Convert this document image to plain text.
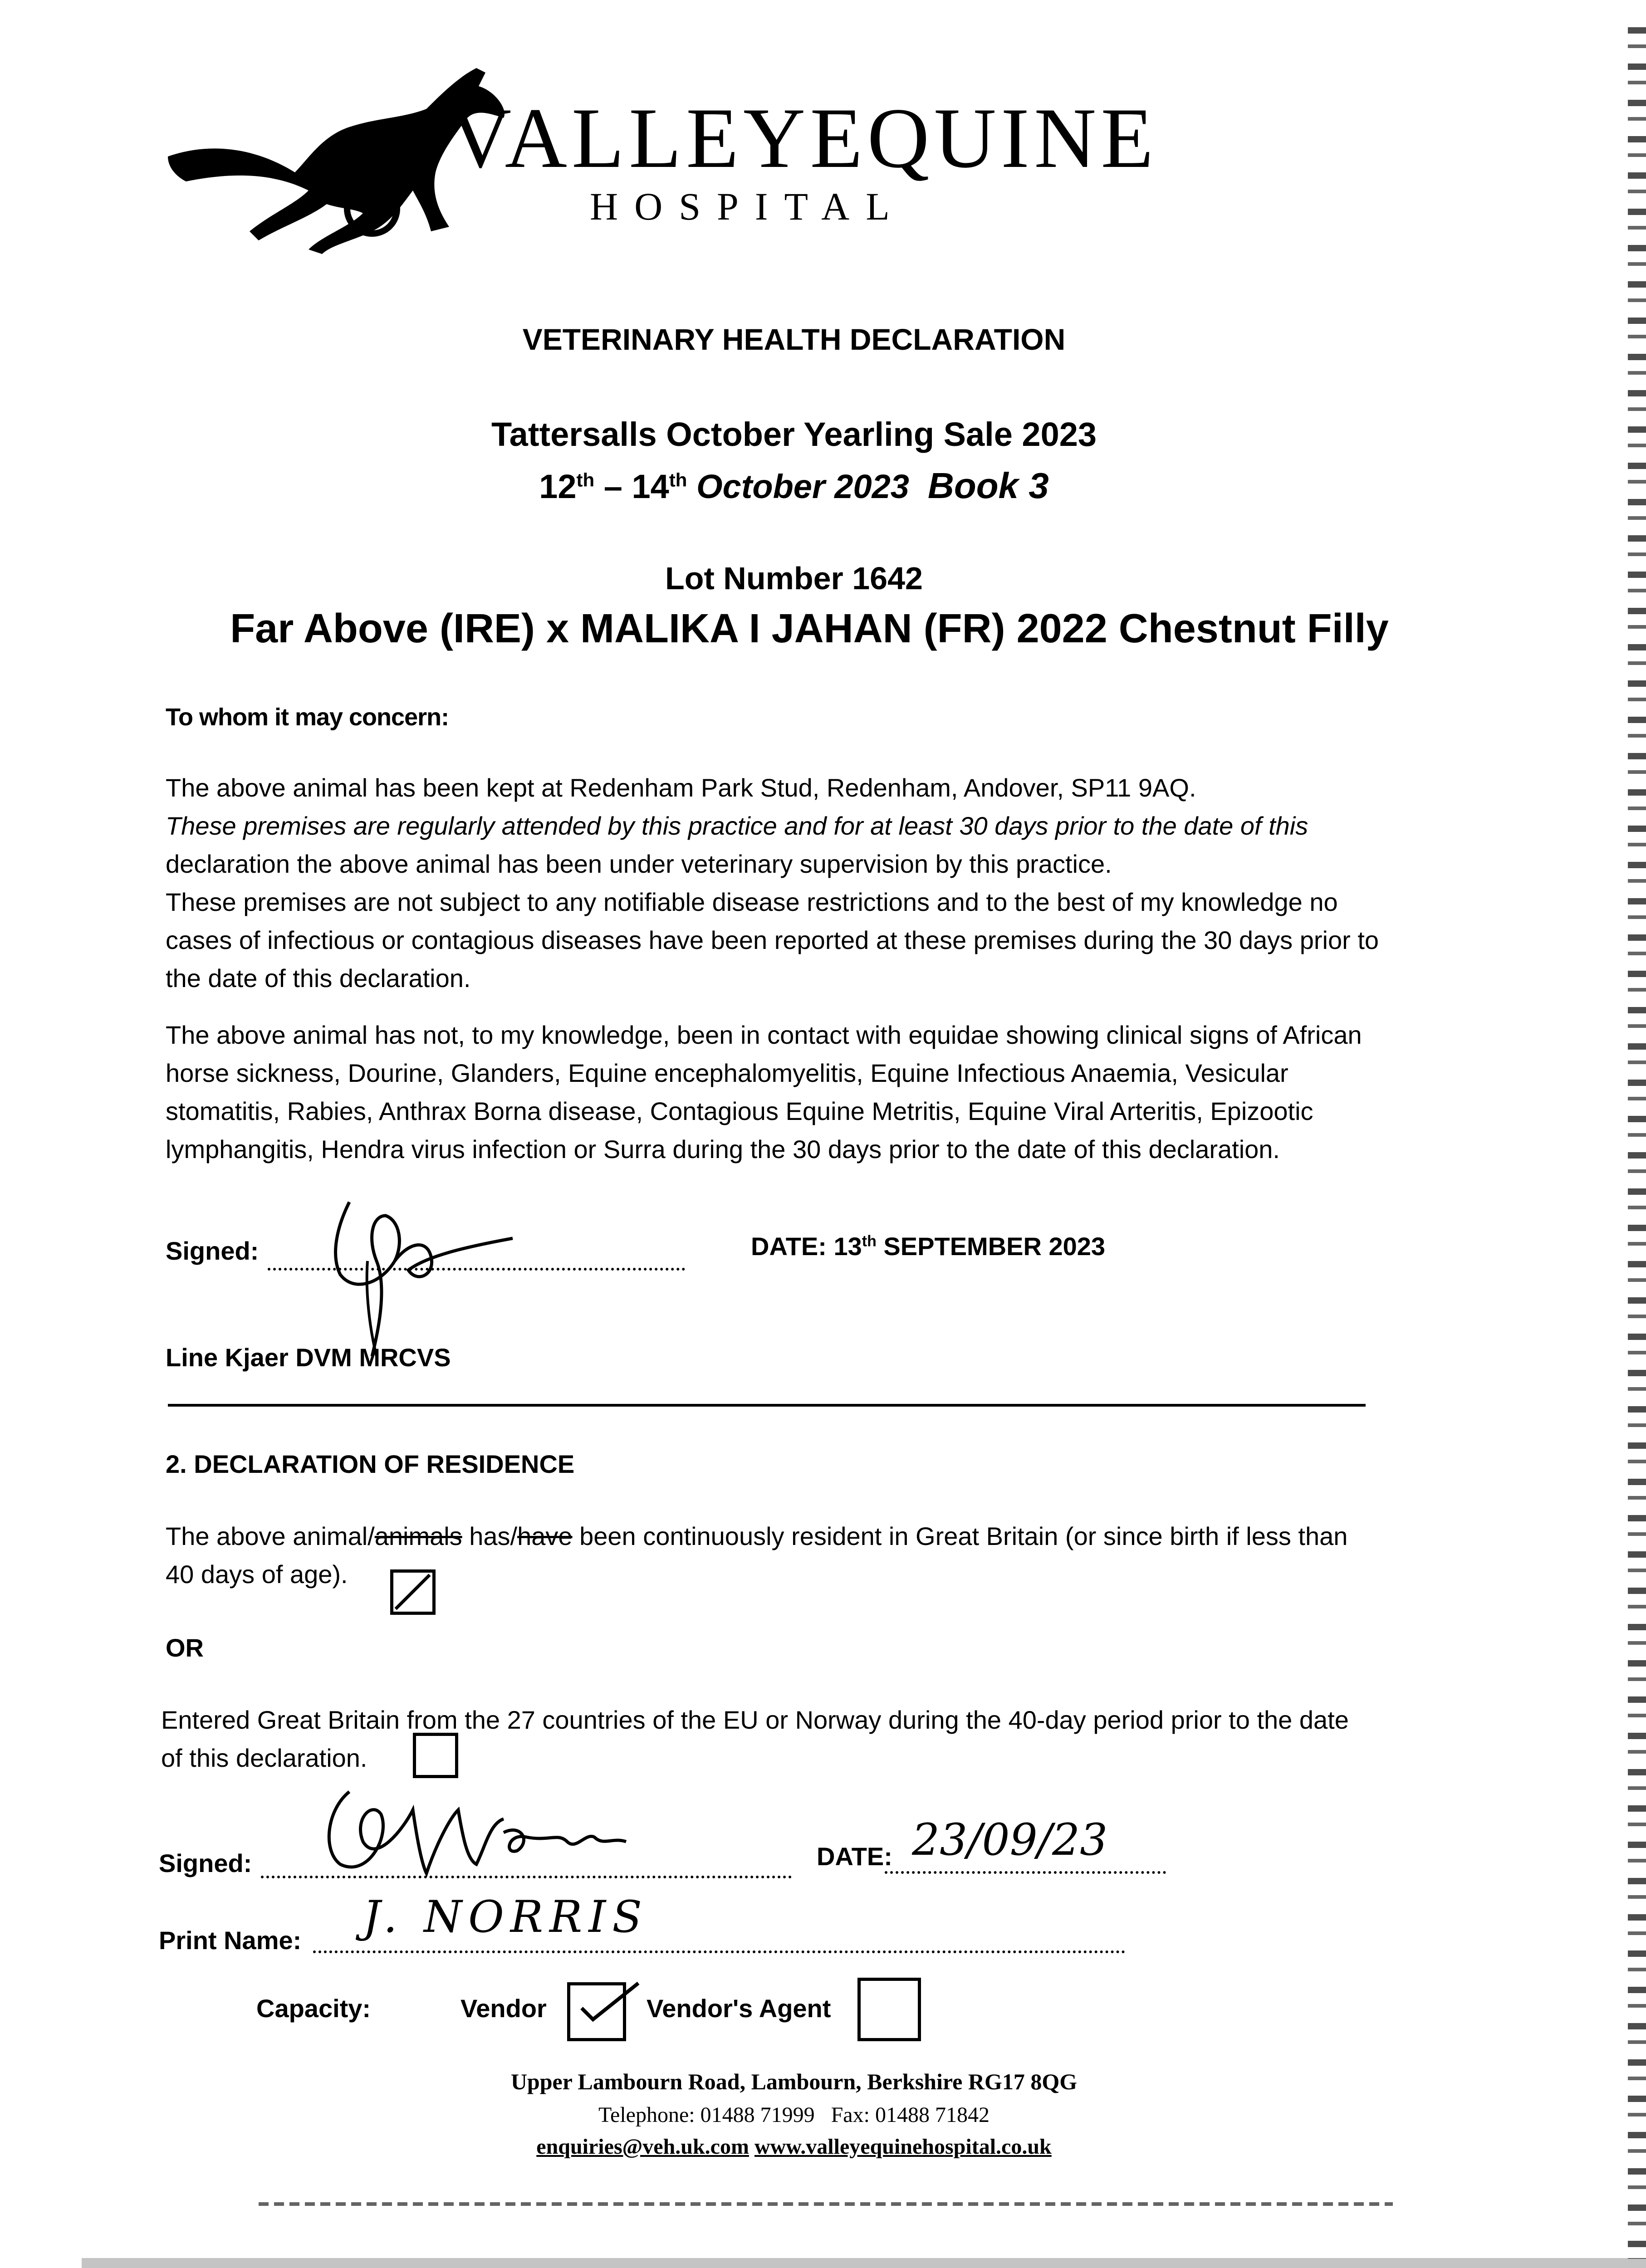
VALLEYEQUINE
HOSPITAL
VETERINARY HEALTH DECLARATION
Tattersalls October Yearling Sale 2023
12th – 14th October 2023 Book 3
Lot Number 1642
Far Above (IRE) x MALIKA I JAHAN (FR) 2022 Chestnut Filly
To whom it may concern:
The above animal has been kept at Redenham Park Stud, Redenham, Andover, SP11 9AQ.
These premises are regularly attended by this practice and for at least 30 days prior to the date of this
declaration the above animal has been under veterinary supervision by this practice.
These premises are not subject to any notifiable disease restrictions and to the best of my knowledge no
cases of infectious or contagious diseases have been reported at these premises during the 30 days prior to
the date of this declaration.
The above animal has not, to my knowledge, been in contact with equidae showing clinical signs of African
horse sickness, Dourine, Glanders, Equine encephalomyelitis, Equine Infectious Anaemia, Vesicular
stomatitis, Rabies, Anthrax Borna disease, Contagious Equine Metritis, Equine Viral Arteritis, Epizootic
lymphangitis, Hendra virus infection or Surra during the 30 days prior to the date of this declaration.
Signed:	DATE: 13th SEPTEMBER 2023
Line Kjaer DVM MRCVS
2. DECLARATION OF RESIDENCE
The above animal/animals has/have been continuously resident in Great Britain (or since birth if less than
40 days of age).
OR
Entered Great Britain from the 27 countries of the EU or Norway during the 40-day period prior to the date
of this declaration.
Signed:	DATE: 23/09/23
Print Name: J. NORRIS
Capacity:	Vendor	Vendor's Agent
Upper Lambourn Road, Lambourn, Berkshire RG17 8QG
Telephone: 01488 71999   Fax: 01488 71842
enquiries@veh.uk.com www.valleyequinehospital.co.uk
